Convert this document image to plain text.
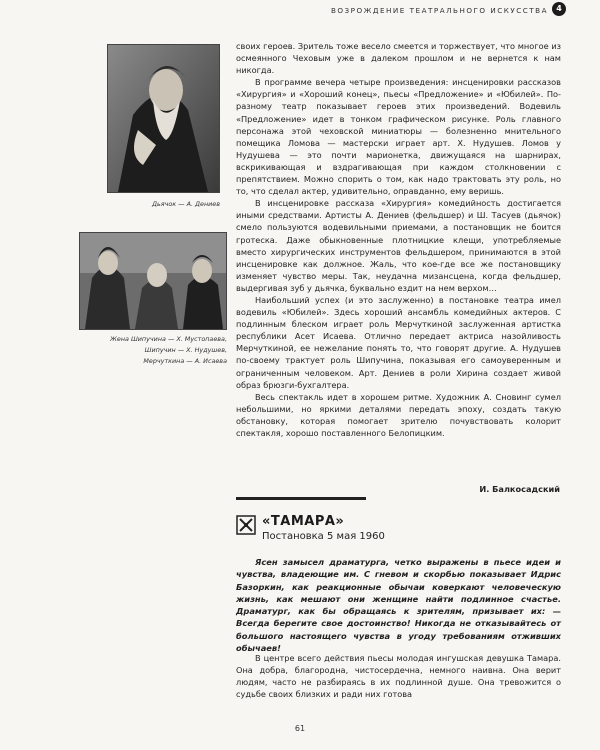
ВОЗРОЖДЕНИЕ ТЕАТРАЛЬНОГО ИСКУССТВА	4
Дьячок — А. Дениев
Жена Шипучина — Х. Мустопаева,
Шипучин — Х. Нудушев,
Мерчуткина — А. Исаева

своих героев. Зритель тоже весело смеется и торжествует, что многое из осмеянного Чеховым уже в далеком прошлом и не вернется к нам никогда.

В программе вечера четыре произведения: инсценировки рассказов «Хирургия» и «Хороший конец», пьесы «Предложение» и «Юбилей». По-разному театр показывает героев этих произведений. Водевиль «Предложение» идет в тонком графическом рисунке. Роль главного персонажа этой чеховской миниатюры — болезненно мнительного помещика Ломова — мастерски играет арт. Х. Нудушев. Ломов у Нудушева — это почти марионетка, движущаяся на шарнирах, вскрикивающая и вздрагивающая при каждом столкновении с препятствием. Можно спорить о том, как надо трактовать эту роль, но то, что сделал актер, удивительно, оправданно, ему веришь.

В инсценировке рассказа «Хирургия» комедийность достигается иными средствами. Артисты А. Дениев (фельдшер) и Ш. Тасуев (дьячок) смело пользуются водевильными приемами, а постановщик не боится гротеска. Даже обыкновенные плотницкие клещи, употребляемые вместо хирургических инструментов фельдшером, принимаются в этой инсценировке как должное. Жаль, что кое-где все же постановщику изменяет чувство меры. Так, неудачна мизансцена, когда фельдшер, выдергивая зуб у дьячка, буквально ездит на нем верхом…

Наибольший успех (и это заслуженно) в постановке театра имел водевиль «Юбилей». Здесь хороший ансамбль комедийных актеров. С подлинным блеском играет роль Мерчуткиной заслуженная артистка республики Асет Исаева. Отлично передает актриса назойливость Мерчуткиной, ее нежелание понять то, что говорят другие. А. Нудушев по-своему трактует роль Шипучина, показывая его самоуверенным и ограниченным человеком. Арт. Дениев в роли Хирина создает живой образ брюзги-бухгалтера.

Весь спектакль идет в хорошем ритме. Художник А. Сновинг сумел небольшими, но яркими деталями передать эпоху, создать такую обстановку, которая помогает зрителю почувствовать колорит спектакля, хорошо поставленного Белопицким.

И. Балкосадский
«ТАМАРА»
Постановка 5 мая 1960

Ясен замысел драматурга, четко выражены в пьесе идеи и чувства, владеющие им. С гневом и скорбью показывает Идрис Базоркин, как реакционные обычаи коверкают человеческую жизнь, как мешают они женщине найти подлинное счастье. Драматург, как бы обращаясь к зрителям, призывает их: — Всегда берегите свое достоинство! Никогда не отказывайтесь от большого настоящего чувства в угоду требованиям отживших обычаев!

В центре всего действия пьесы молодая ингушская девушка Тамара. Она добра, благородна, чистосердечна, немного наивна. Она верит людям, часто не разбираясь в их подлинной душе. Она тревожится о судьбе своих близких и ради них готова

61
